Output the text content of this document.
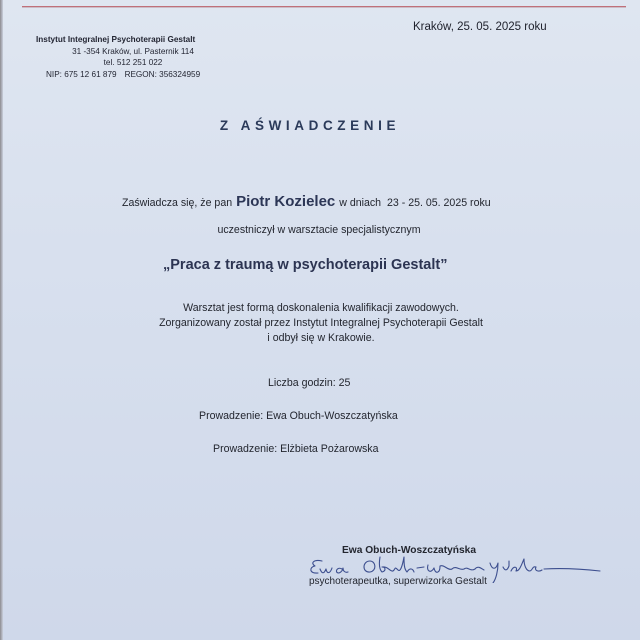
Instytut Integralnej Psychoterapii Gestalt
31 -354 Kraków, ul. Pasternik 114
tel. 512 251 022
NIP: 675 12 61 879 REGON: 356324959
Kraków, 25. 05. 2025 roku
Z AŚWIADCZENIE
Zaświadcza się, że pan Piotr Kozielec w dniach 23 - 25. 05. 2025 roku
uczestniczył w warsztacie specjalistycznym
„Praca z traumą w psychoterapii Gestalt”
Warsztat jest formą doskonalenia kwalifikacji zawodowych.
Zorganizowany został przez Instytut Integralnej Psychoterapii Gestalt
i odbył się w Krakowie.
Liczba godzin: 25
Prowadzenie: Ewa Obuch-Woszczatyńska
Prowadzenie: Elżbieta Pożarowska
Ewa Obuch-Woszczatyńska
psychoterapeutka, superwizorka Gestalt
